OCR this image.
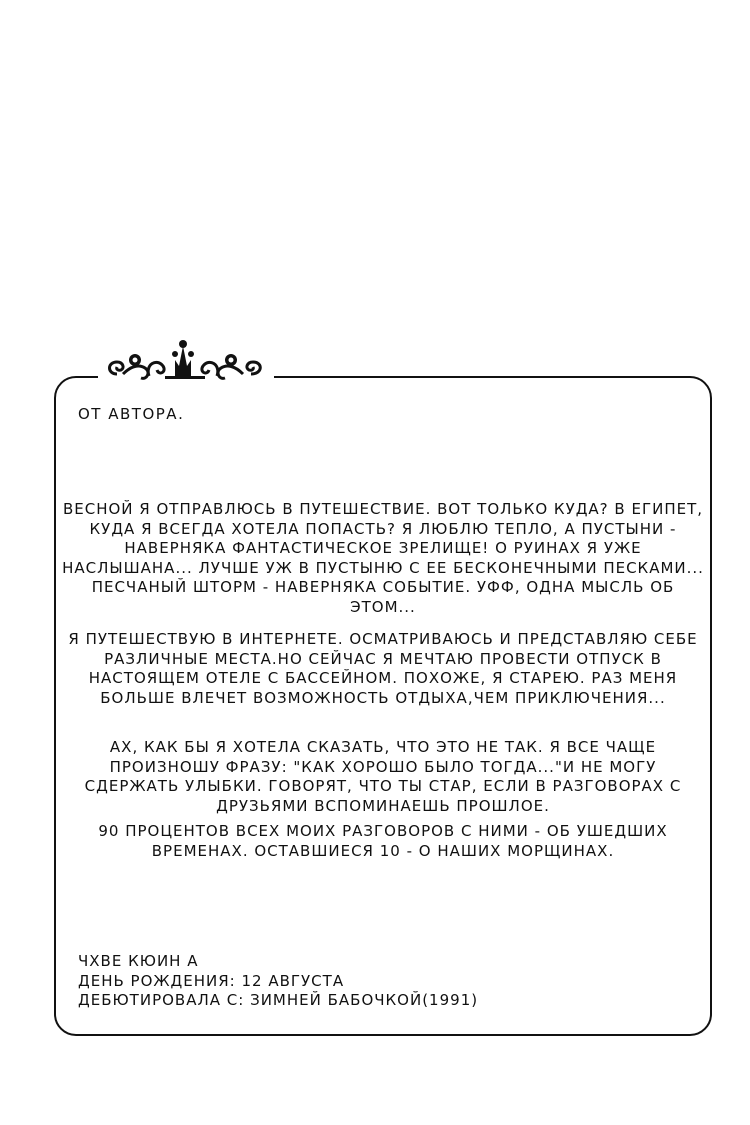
ОТ АВТОРА.
ВЕСНОЙ Я ОТПРАВЛЮСЬ В ПУТЕШЕСТВИЕ. ВОТ ТОЛЬКО КУДА? В ЕГИПЕТ, КУДА Я ВСЕГДА ХОТЕЛА ПОПАСТЬ? Я ЛЮБЛЮ ТЕПЛО, А ПУСТЫНИ - НАВЕРНЯКА ФАНТАСТИЧЕСКОЕ ЗРЕЛИЩЕ! О РУИНАХ Я УЖЕ НАСЛЫШАНА... ЛУЧШЕ УЖ В ПУСТЫНЮ С ЕЕ БЕСКОНЕЧНЫМИ ПЕСКАМИ... ПЕСЧАНЫЙ ШТОРМ - НАВЕРНЯКА СОБЫТИЕ. УФФ, ОДНА МЫСЛЬ ОБ ЭТОМ...
Я ПУТЕШЕСТВУЮ В ИНТЕРНЕТЕ. ОСМАТРИВАЮСЬ И ПРЕДСТАВЛЯЮ СЕБЕ РАЗЛИЧНЫЕ МЕСТА.НО СЕЙЧАС Я МЕЧТАЮ ПРОВЕСТИ ОТПУСК В НАСТОЯЩЕМ ОТЕЛЕ С БАССЕЙНОМ. ПОХОЖЕ, Я СТАРЕЮ. РАЗ МЕНЯ БОЛЬШЕ ВЛЕЧЕТ ВОЗМОЖНОСТЬ ОТДЫХА,ЧЕМ ПРИКЛЮЧЕНИЯ...
АХ, КАК БЫ Я ХОТЕЛА СКАЗАТЬ, ЧТО ЭТО НЕ ТАК. Я ВСЕ ЧАЩЕ ПРОИЗНОШУ ФРАЗУ: "КАК ХОРОШО БЫЛО ТОГДА..."И НЕ МОГУ СДЕРЖАТЬ УЛЫБКИ. ГОВОРЯТ, ЧТО ТЫ СТАР, ЕСЛИ В РАЗГОВОРАХ С ДРУЗЬЯМИ ВСПОМИНАЕШЬ ПРОШЛОЕ.
90 ПРОЦЕНТОВ ВСЕХ МОИХ РАЗГОВОРОВ С НИМИ - ОБ УШЕДШИХ ВРЕМЕНАХ. ОСТАВШИЕСЯ 10 - О НАШИХ МОРЩИНАХ.
ЧХВЕ КЮИН А
ДЕНЬ РОЖДЕНИЯ: 12 АВГУСТА
ДЕБЮТИРОВАЛА С: ЗИМНЕЙ БАБОЧКОЙ(1991)
